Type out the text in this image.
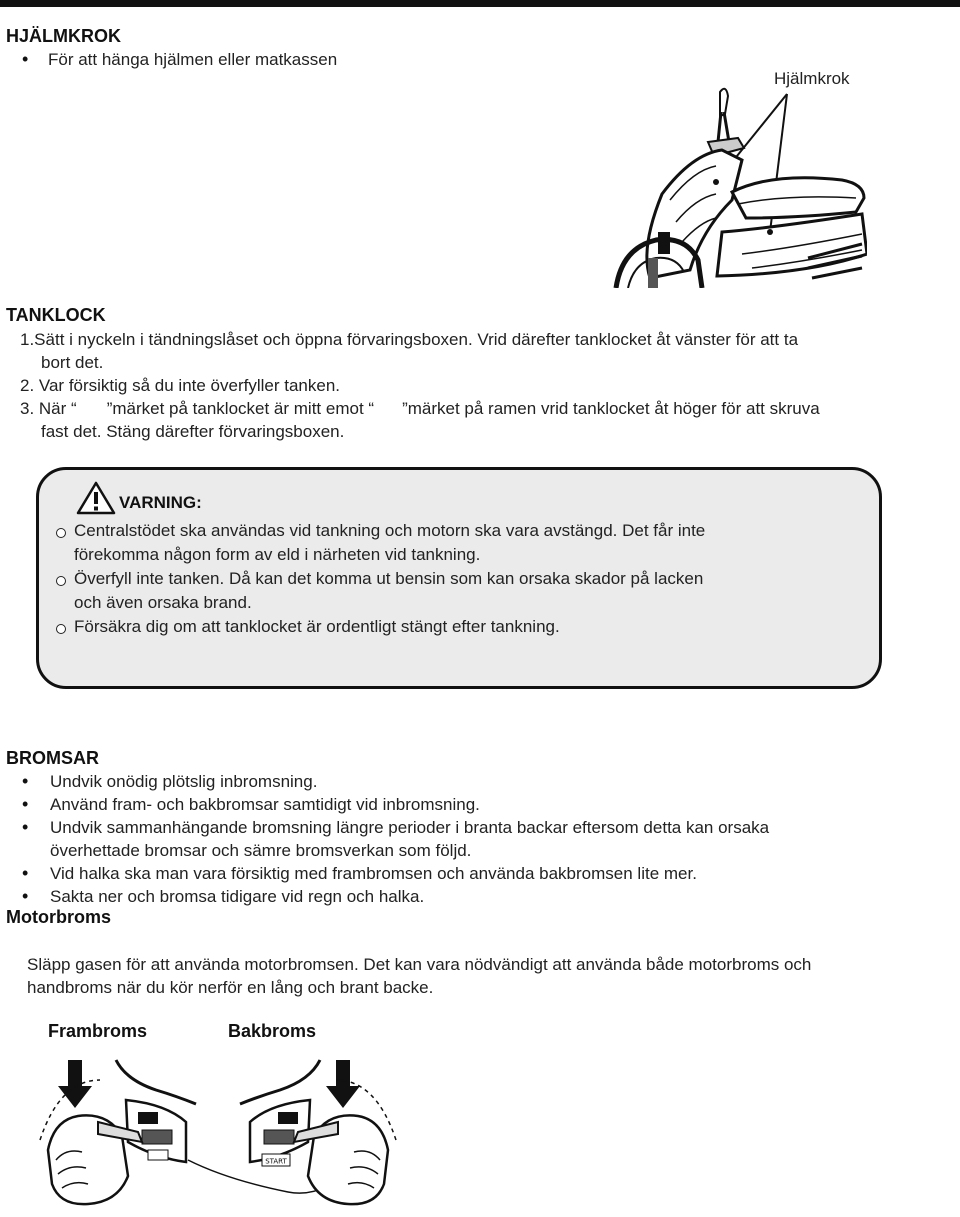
HJÄLMKROK
• För att hänga hjälmen eller matkassen
Hjälmkrok
TANKLOCK
1.Sätt i nyckeln i tändningslåset och öppna förvaringsboxen. Vrid därefter tanklocket åt vänster för att ta
bort det.
2. Var försiktig så du inte överfyller tanken.
3. När “ ”märket på tanklocket är mitt emot “ ”märket på ramen vrid tanklocket åt höger för att skruva
fast det. Stäng därefter förvaringsboxen.
VARNING:
Centralstödet ska användas vid tankning och motorn ska vara avstängd. Det får inte
förekomma någon form av eld i närheten vid tankning.
Överfyll inte tanken. Då kan det komma ut bensin som kan orsaka skador på lacken
och även orsaka brand.
Försäkra dig om att tanklocket är ordentligt stängt efter tankning.
BROMSAR
• Undvik onödig plötslig inbromsning.
• Använd fram- och bakbromsar samtidigt vid inbromsning.
• Undvik sammanhängande bromsning längre perioder i branta backar eftersom detta kan orsaka
överhettade bromsar och sämre bromsverkan som följd.
• Vid halka ska man vara försiktig med frambromsen och använda bakbromsen lite mer.
• Sakta ner och bromsa tidigare vid regn och halka.
Motorbroms
Släpp gasen för att använda motorbromsen. Det kan vara nödvändigt att använda både motorbroms och
handbroms när du kör nerför en lång och brant backe.
Frambroms	Bakbroms
START
